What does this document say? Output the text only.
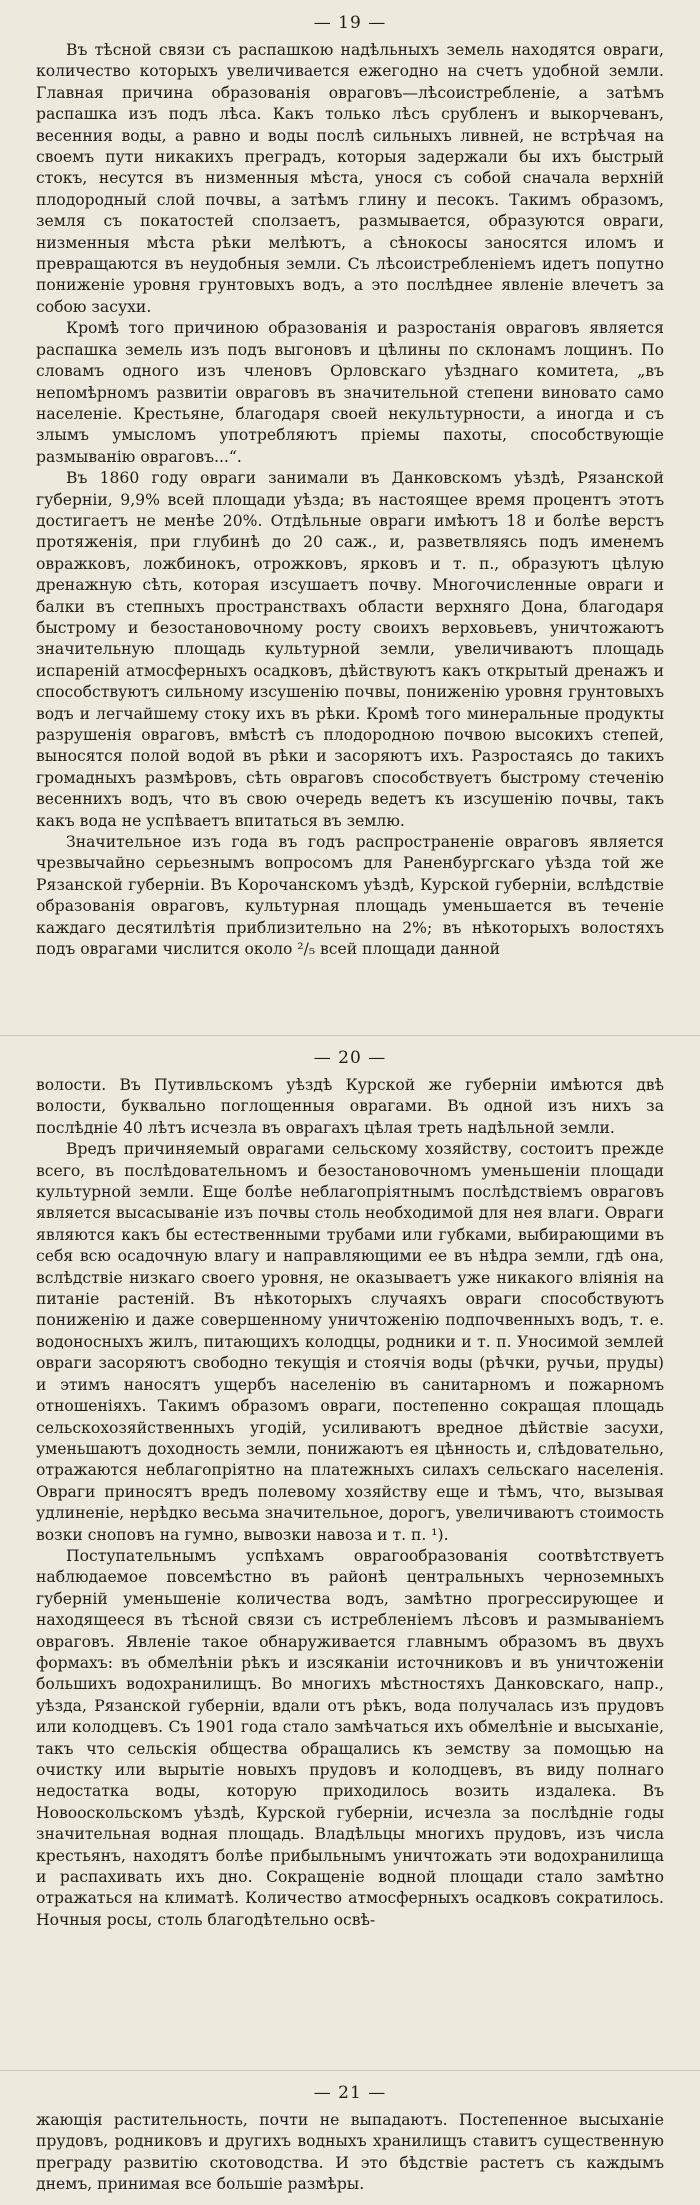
— 19 —

Въ тѣсной связи съ распашкою надѣльныхъ земель находятся овраги, количество которыхъ увеличивается ежегодно на счетъ удобной земли. Главная причина образованія овраговъ—лѣсоистребленіе, а затѣмъ распашка изъ подъ лѣса. Какъ только лѣсъ срубленъ и выкорчеванъ, весенния воды, а равно и воды послѣ сильныхъ ливней, не встрѣчая на своемъ пути никакихъ преградъ, которыя задержали бы ихъ быстрый стокъ, несутся въ низменныя мѣста, унося съ собой сначала верхній плодородный слой почвы, а затѣмъ глину и песокъ. Такимъ образомъ, земля съ покатостей сползаетъ, размывается, образуются овраги, низменныя мѣста рѣки мелѣютъ, а сѣнокосы заносятся иломъ и превращаются въ неудобныя земли. Съ лѣсоистребленіемъ идетъ попутно пониженіе уровня грунтовыхъ водъ, а это послѣднее явленіе влечетъ за собою засухи.

Кромѣ того причиною образованія и разростанія овраговъ является распашка земель изъ подъ выгоновъ и цѣлины по склонамъ лощинъ. По словамъ одного изъ членовъ Орловскаго уѣзднаго комитета, „въ непомѣрномъ развитіи овраговъ въ значительной степени виновато само населеніе. Крестьяне, благодаря своей некультурности, а иногда и съ злымъ умысломъ употребляютъ пріемы пахоты, способствующіе размыванію овраговъ...“.

Въ 1860 году овраги занимали въ Данковскомъ уѣздѣ, Рязанской губерніи, 9,9% всей площади уѣзда; въ настоящее время процентъ этотъ достигаетъ не менѣе 20%. Отдѣльные овраги имѣютъ 18 и болѣе верстъ протяженія, при глубинѣ до 20 саж., и, разветвляясь подъ именемъ овражковъ, ложбинокъ, отрожковъ, ярковъ и т. п., образуютъ цѣлую дренажную сѣть, которая изсушаетъ почву. Многочисленные овраги и балки въ степныхъ пространствахъ области верхняго Дона, благодаря быстрому и безостановочному росту своихъ верховьевъ, уничтожаютъ значительную площадь культурной земли, увеличиваютъ площадь испареній атмосферныхъ осадковъ, дѣйствуютъ какъ открытый дренажъ и способствуютъ сильному изсушенію почвы, пониженію уровня грунтовыхъ водъ и легчайшему стоку ихъ въ рѣки. Кромѣ того минеральные продукты разрушенія овраговъ, вмѣстѣ съ плодородною почвою высокихъ степей, выносятся полой водой въ рѣки и засоряютъ ихъ. Разростаясь до такихъ громадныхъ размѣровъ, сѣть овраговъ способствуетъ быстрому стеченію весеннихъ водъ, что въ свою очередь ведетъ къ изсушенію почвы, такъ какъ вода не успѣваетъ впитаться въ землю.

Значительное изъ года въ годъ распространеніе овраговъ является чрезвычайно серьезнымъ вопросомъ для Раненбургскаго уѣзда той же Рязанской губерніи. Въ Корочанскомъ уѣздѣ, Курской губерніи, вслѣдствіе образованія овраговъ, культурная площадь уменьшается въ теченіе каждаго десятилѣтія приблизительно на 2%; въ нѣкоторыхъ волостяхъ подъ оврагами числится около ²/₅ всей площади данной

— 20 —

волости. Въ Путивльскомъ уѣздѣ Курской же губерніи имѣются двѣ волости, буквально поглощенныя оврагами. Въ одной изъ нихъ за послѣдніе 40 лѣтъ исчезла въ оврагахъ цѣлая треть надѣльной земли.

Вредъ причиняемый оврагами сельскому хозяйству, состоитъ прежде всего, въ послѣдовательномъ и безостановочномъ уменьшеніи площади культурной земли. Еще болѣе неблагопріятнымъ послѣдствіемъ овраговъ является высасываніе изъ почвы столь необходимой для нея влаги. Овраги являются какъ бы естественными трубами или губками, выбирающими въ себя всю осадочную влагу и направляющими ее въ нѣдра земли, гдѣ она, вслѣдствіе низкаго своего уровня, не оказываетъ уже никакого вліянія на питаніе растеній. Въ нѣкоторыхъ случаяхъ овраги способствуютъ пониженію и даже совершенному уничтоженію подпочвенныхъ водъ, т. е. водоносныхъ жилъ, питающихъ колодцы, родники и т. п. Уносимой землей овраги засоряютъ свободно текущія и стоячія воды (рѣчки, ручьи, пруды) и этимъ наносятъ ущербъ населенію въ санитарномъ и пожарномъ отношеніяхъ. Такимъ образомъ овраги, постепенно сокращая площадь сельскохозяйственныхъ угодій, усиливаютъ вредное дѣйствіе засухи, уменьшаютъ доходность земли, понижаютъ ея цѣнность и, слѣдовательно, отражаются неблагопріятно на платежныхъ силахъ сельскаго населенія. Овраги приносятъ вредъ полевому хозяйству еще и тѣмъ, что, вызывая удлиненіе, нерѣдко весьма значительное, дорогъ, увеличиваютъ стоимость возки сноповъ на гумно, вывозки навоза и т. п. ¹).

Поступательнымъ успѣхамъ оврагообразованія соотвѣтствуетъ наблюдаемое повсемѣстно въ районѣ центральныхъ черноземныхъ губерній уменьшеніе количества водъ, замѣтно прогрессирующее и находящееся въ тѣсной связи съ истребленіемъ лѣсовъ и размываніемъ овраговъ. Явленіе такое обнаруживается главнымъ образомъ въ двухъ формахъ: въ обмелѣніи рѣкъ и изсяканіи источниковъ и въ уничтоженіи большихъ водохранилищъ. Во многихъ мѣстностяхъ Данковскаго, напр., уѣзда, Рязанской губерніи, вдали отъ рѣкъ, вода получалась изъ прудовъ или колодцевъ. Съ 1901 года стало замѣчаться ихъ обмелѣніе и высыханіе, такъ что сельскія общества обращались къ земству за помощью на очистку или вырытіе новыхъ прудовъ и колодцевъ, въ виду полнаго недостатка воды, которую приходилось возить издалека. Въ Новооскольскомъ уѣздѣ, Курской губерніи, исчезла за послѣдніе годы значительная водная площадь. Владѣльцы многихъ прудовъ, изъ числа крестьянъ, находятъ болѣе прибыльнымъ уничтожать эти водохранилища и распахивать ихъ дно. Сокращеніе водной площади стало замѣтно отражаться на климатѣ. Количество атмосферныхъ осадковъ сократилось. Ночныя росы, столь благодѣтельно освѣ-

— 21 —

жающія растительность, почти не выпадаютъ. Постепенное высыханіе прудовъ, родниковъ и другихъ водныхъ хранилищъ ставитъ существенную преграду развитію скотоводства. И это бѣдствіе растетъ съ каждымъ днемъ, принимая все большіе размѣры.
